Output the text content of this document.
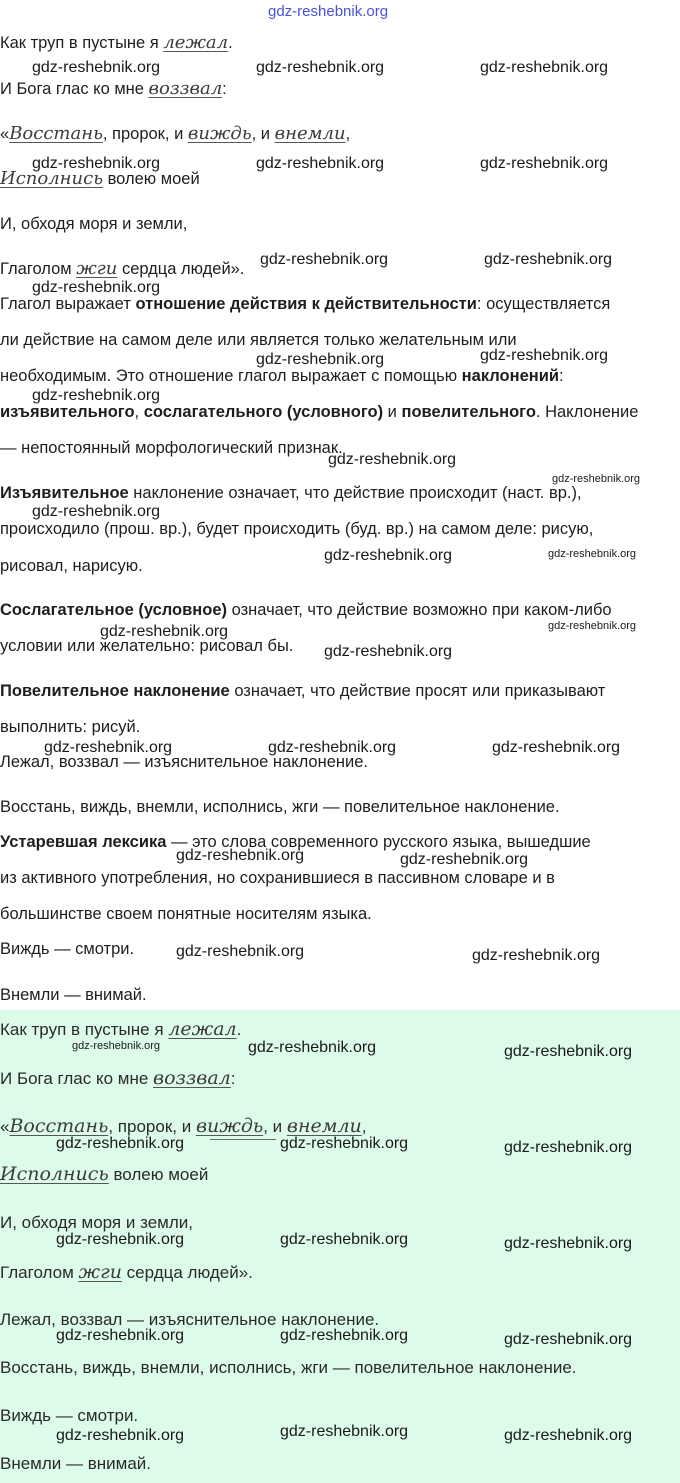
gdz-reshebnik.org
Как труп в пустыне я лежал.
И Бога глас ко мне воззвал:
«Восстань, пророк, и виждь, и внемли,
Исполнись волею моей
И, обходя моря и земли,
Глаголом жги сердца людей».
Глагол выражает отношение действия к действительности: осуществляется
ли действие на самом деле или является только желательным или
необходимым. Это отношение глагол выражает с помощью наклонений:
изъявительного, сослагательного (условного) и повелительного. Наклонение
— непостоянный морфологический признак.
Изъявительное наклонение означает, что действие происходит (наст. вр.),
происходило (прош. вр.), будет происходить (буд. вр.) на самом деле: рисую,
рисовал, нарисую.
Сослагательное (условное) означает, что действие возможно при каком-либо
условии или желательно: рисовал бы.
Повелительное наклонение означает, что действие просят или приказывают
выполнить: рисуй.
Лежал, воззвал — изъяснительное наклонение.
Восстань, виждь, внемли, исполнись, жги — повелительное наклонение.
Устаревшая лексика — это слова современного русского языка, вышедшие
из активного употребления, но сохранившиеся в пассивном словаре и в
большинстве своем понятные носителям языка.
Виждь — смотри.
Внемли — внимай.
Как труп в пустыне я лежал.
И Бога глас ко мне воззвал:
«Восстань, пророк, и виждь, и внемли,
Исполнись волею моей
И, обходя моря и земли,
Глаголом жги сердца людей».
Лежал, воззвал — изъяснительное наклонение.
Восстань, виждь, внемли, исполнись, жги — повелительное наклонение.
Виждь — смотри.
Внемли — внимай.
gdz-reshebnik.org	gdz-reshebnik.org	gdz-reshebnik.org
gdz-reshebnik.org	gdz-reshebnik.org	gdz-reshebnik.org
gdz-reshebnik.org	gdz-reshebnik.org
gdz-reshebnik.org
gdz-reshebnik.org
gdz-reshebnik.org
gdz-reshebnik.org
gdz-reshebnik.org
gdz-reshebnik.org
gdz-reshebnik.org
gdz-reshebnik.org	gdz-reshebnik.org
gdz-reshebnik.org
gdz-reshebnik.org
gdz-reshebnik.org
gdz-reshebnik.org	gdz-reshebnik.org	gdz-reshebnik.org
gdz-reshebnik.org	gdz-reshebnik.org
gdz-reshebnik.org	gdz-reshebnik.org
gdz-reshebnik.org	gdz-reshebnik.org	gdz-reshebnik.org
gdz-reshebnik.org	gdz-reshebnik.org	gdz-reshebnik.org
gdz-reshebnik.org	gdz-reshebnik.org	gdz-reshebnik.org
gdz-reshebnik.org	gdz-reshebnik.org	gdz-reshebnik.org
gdz-reshebnik.org	gdz-reshebnik.org	gdz-reshebnik.org
